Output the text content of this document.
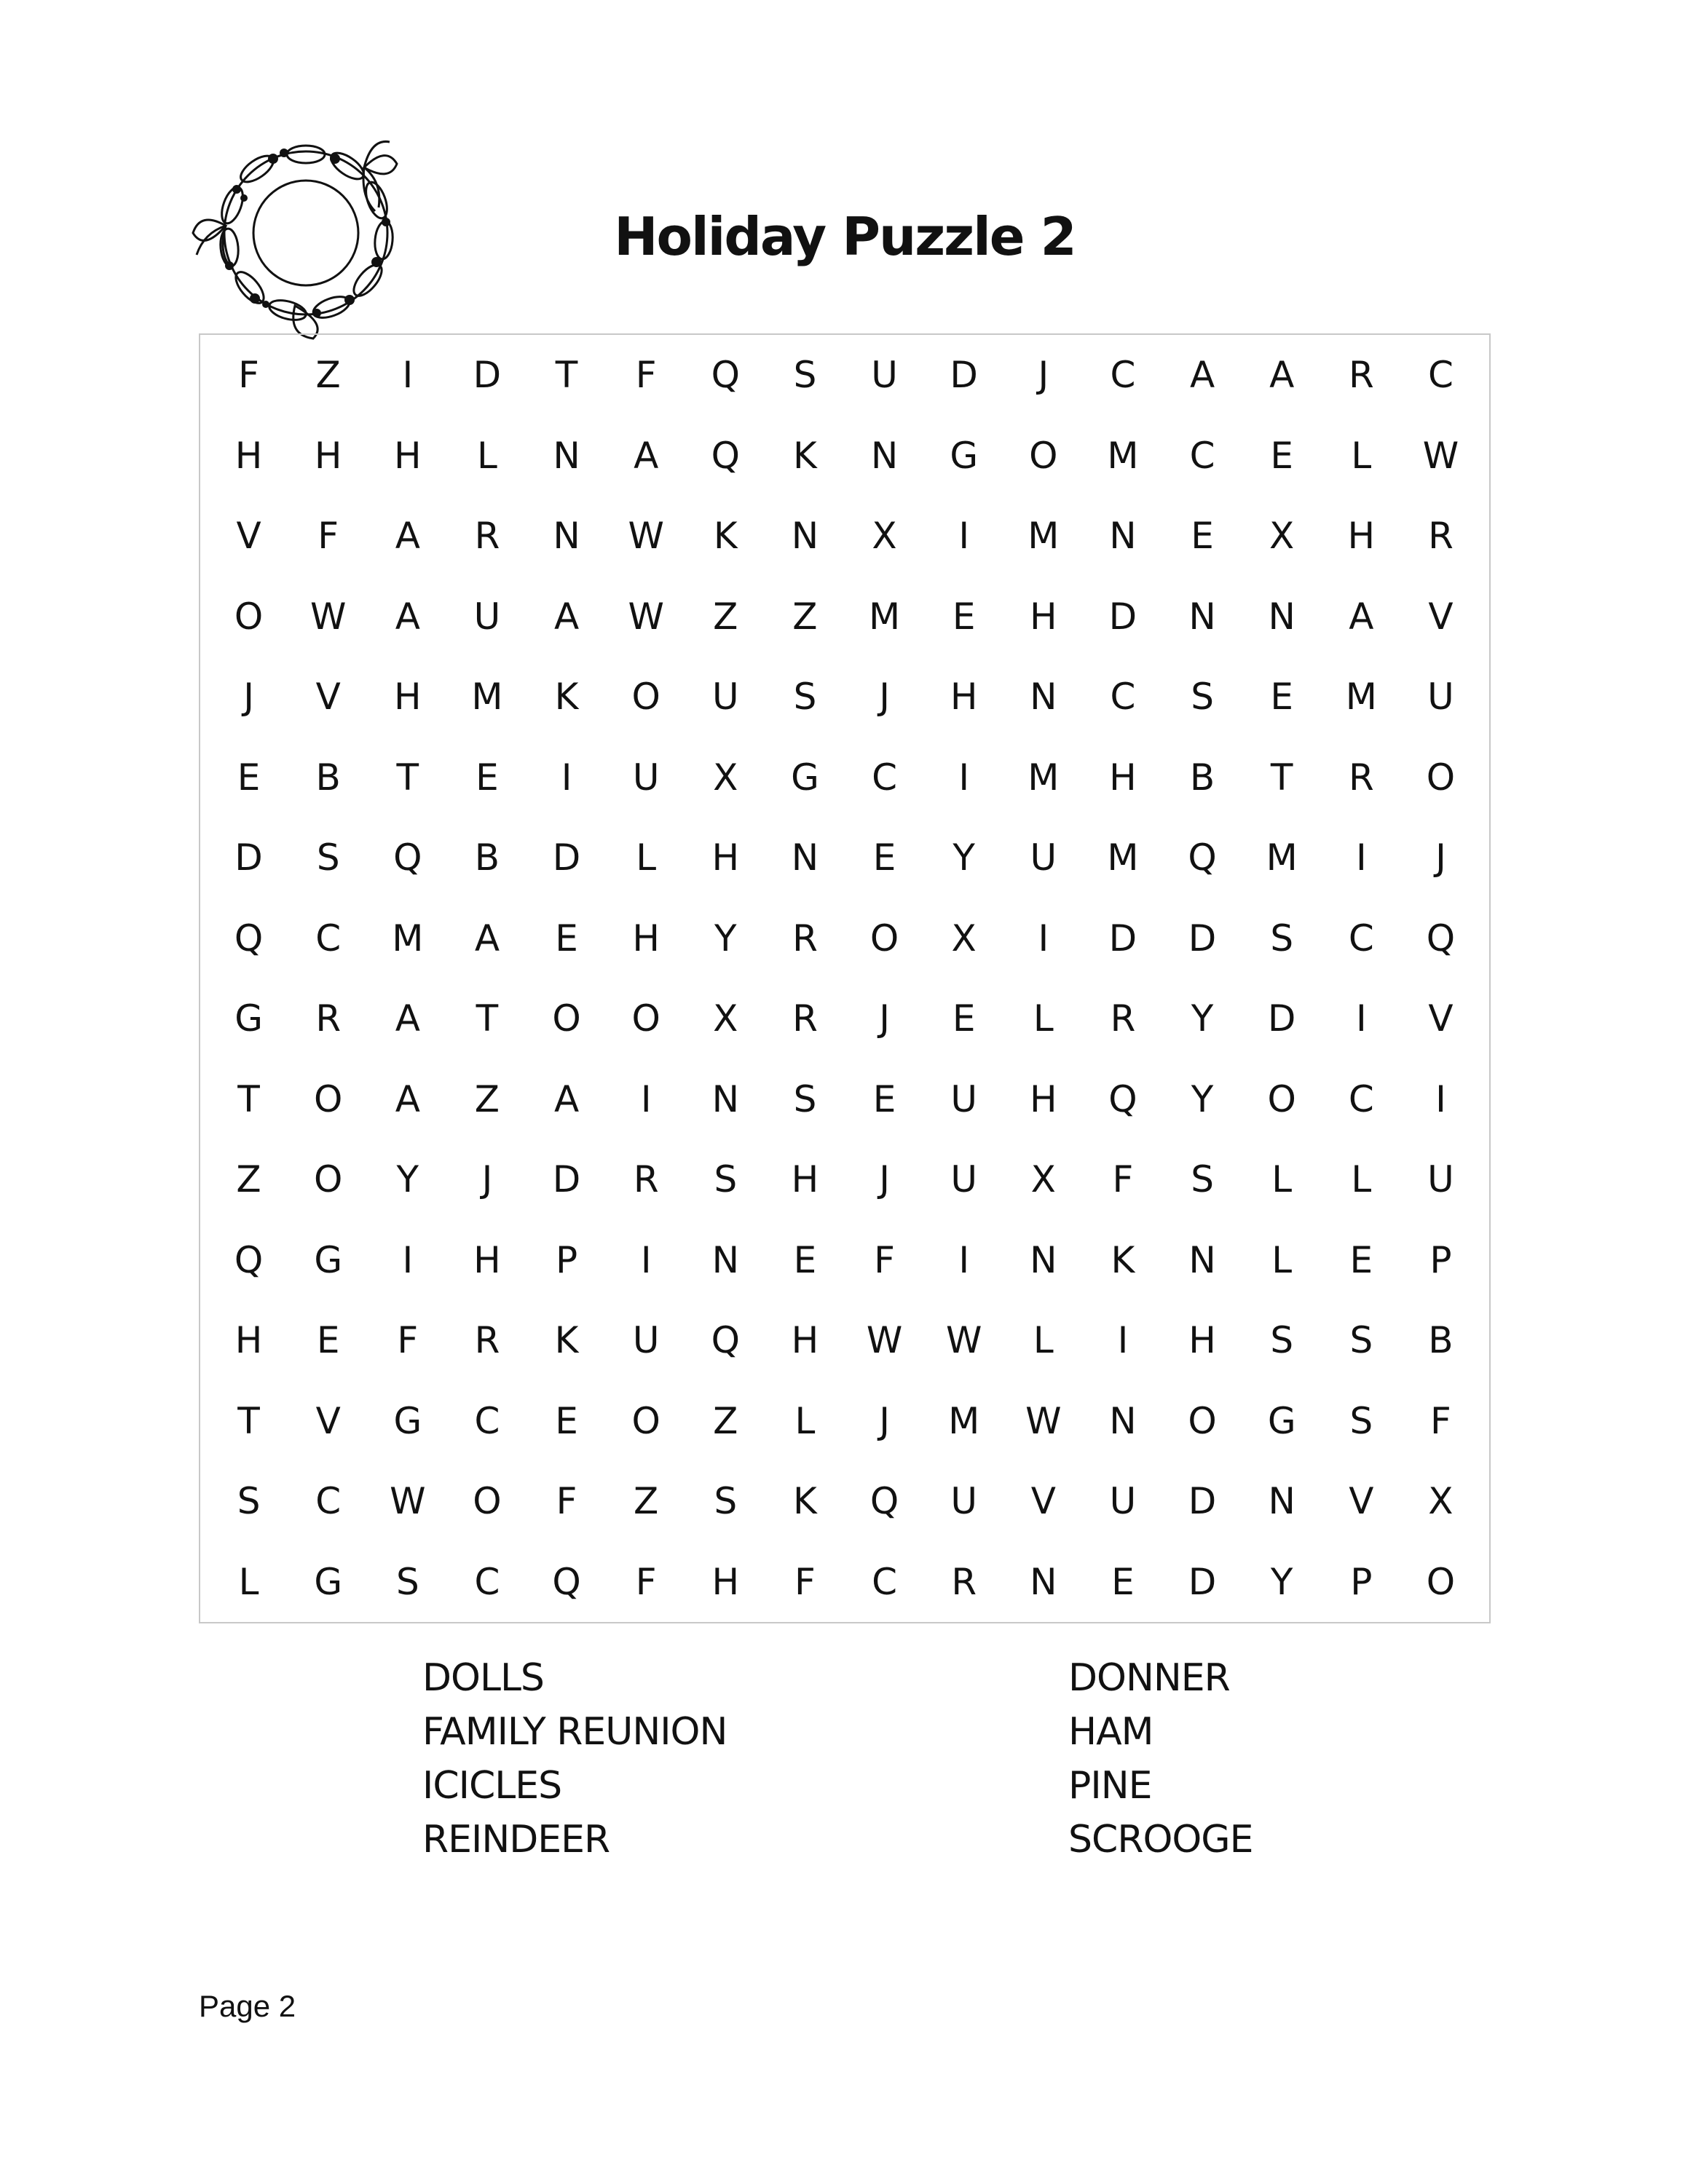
Holiday Puzzle 2
F	Z	I	D	T	F	Q	S	U	D	J	C	A	A	R	C
H	H	H	L	N	A	Q	K	N	G	O	M	C	E	L	W
V	F	A	R	N	W	K	N	X	I	M	N	E	X	H	R
O	W	A	U	A	W	Z	Z	M	E	H	D	N	N	A	V
J	V	H	M	K	O	U	S	J	H	N	C	S	E	M	U
E	B	T	E	I	U	X	G	C	I	M	H	B	T	R	O
D	S	Q	B	D	L	H	N	E	Y	U	M	Q	M	I	J
Q	C	M	A	E	H	Y	R	O	X	I	D	D	S	C	Q
G	R	A	T	O	O	X	R	J	E	L	R	Y	D	I	V
T	O	A	Z	A	I	N	S	E	U	H	Q	Y	O	C	I
Z	O	Y	J	D	R	S	H	J	U	X	F	S	L	L	U
Q	G	I	H	P	I	N	E	F	I	N	K	N	L	E	P
H	E	F	R	K	U	Q	H	W	W	L	I	H	S	S	B
T	V	G	C	E	O	Z	L	J	M	W	N	O	G	S	F
S	C	W	O	F	Z	S	K	Q	U	V	U	D	N	V	X
L	G	S	C	Q	F	H	F	C	R	N	E	D	Y	P	O
DOLLS
FAMILY REUNION
ICICLES
REINDEER
DONNER
HAM
PINE
SCROOGE
Page 2
